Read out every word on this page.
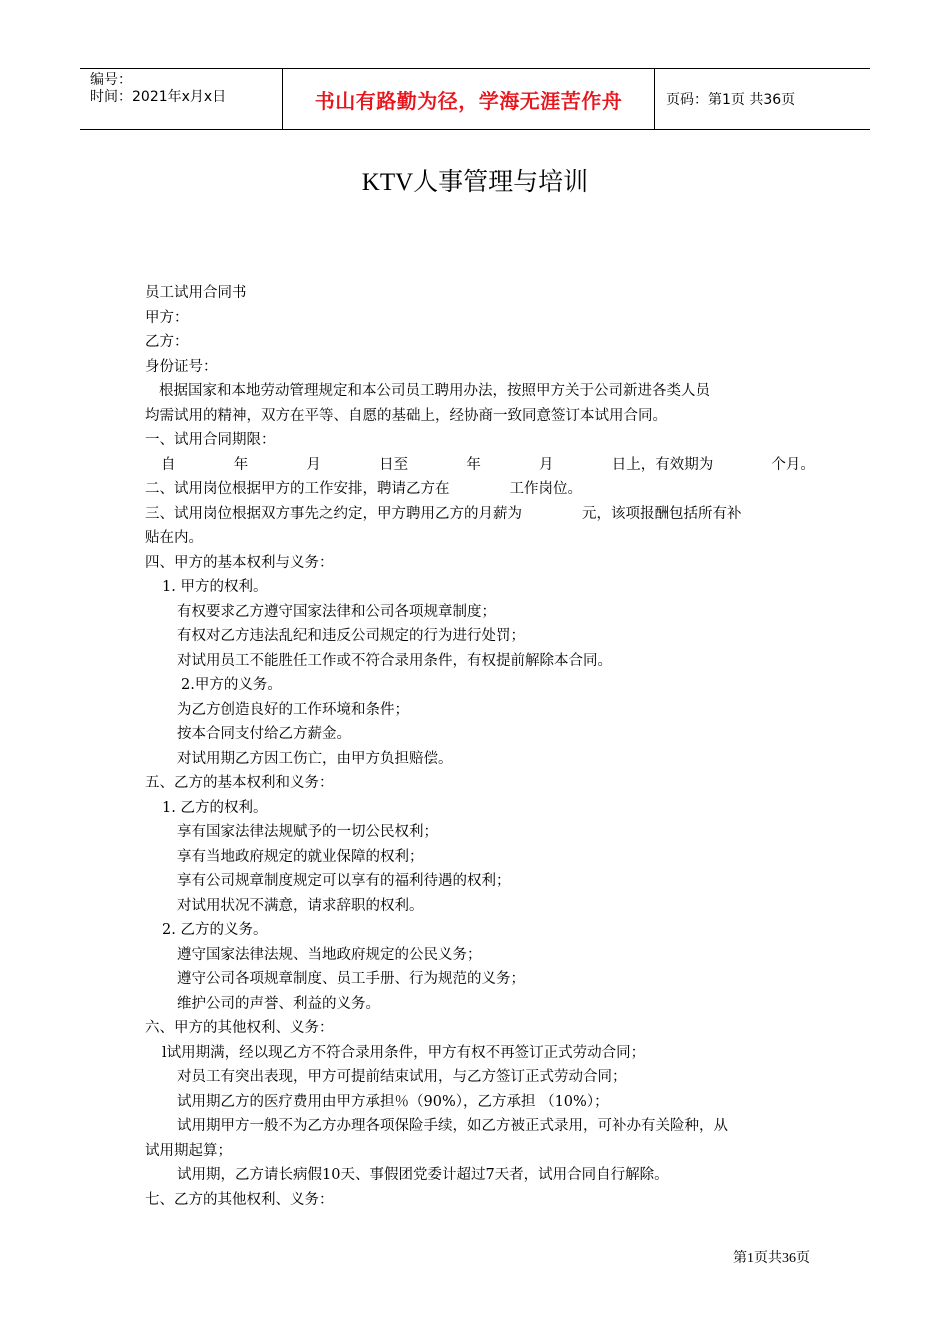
编号：
时间：2021年x月x日	书山有路勤为径，学海无涯苦作舟	页码：第1页 共36页
KTV人事管理与培训
员工试用合同书
甲方：
乙方：
身份证号：
根据国家和本地劳动管理规定和本公司员工聘用办法，按照甲方关于公司新进各类人员
均需试用的精神，双方在平等、自愿的基础上，经协商一致同意签订本试用合同。
一、试用合同期限：
自	年	月	日至	年	月	日上，有效期为	个月。
二、试用岗位根据甲方的工作安排，聘请乙方在	工作岗位。
三、试用岗位根据双方事先之约定，甲方聘用乙方的月薪为	元，该项报酬包括所有补
贴在内。
四、甲方的基本权利与义务：
1. 甲方的权利。
有权要求乙方遵守国家法律和公司各项规章制度；
有权对乙方违法乱纪和违反公司规定的行为进行处罚；
对试用员工不能胜任工作或不符合录用条件，有权提前解除本合同。
2.甲方的义务。
为乙方创造良好的工作环境和条件；
按本合同支付给乙方薪金。
对试用期乙方因工伤亡，由甲方负担赔偿。
五、乙方的基本权利和义务：
1. 乙方的权利。
享有国家法律法规赋予的一切公民权利；
享有当地政府规定的就业保障的权利；
享有公司规章制度规定可以享有的福利待遇的权利；
对试用状况不满意，请求辞职的权利。
2. 乙方的义务。
遵守国家法律法规、当地政府规定的公民义务；
遵守公司各项规章制度、员工手册、行为规范的义务；
维护公司的声誉、利益的义务。
六、甲方的其他权利、义务：
l试用期满，经以现乙方不符合录用条件，甲方有权不再签订正式劳动合同；
对员工有突出表现，甲方可提前结束试用，与乙方签订正式劳动合同；
试用期乙方的医疗费用由甲方承担％（90%），乙方承担 （10%）；
试用期甲方一般不为乙方办理各项保险手续，如乙方被正式录用，可补办有关险种，从
试用期起算；
试用期，乙方请长病假10天、事假团党委计超过7天者，试用合同自行解除。
七、乙方的其他权利、义务：
第1页共36页
